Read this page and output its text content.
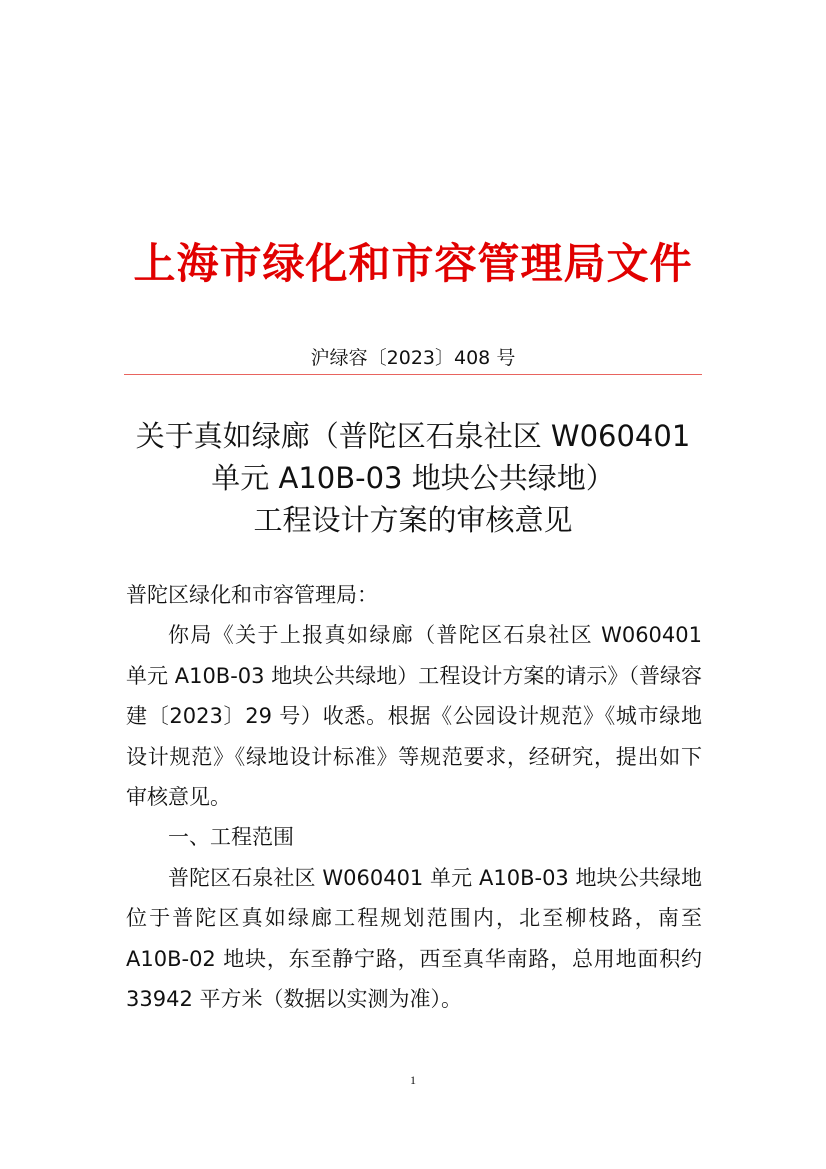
上海市绿化和市容管理局文件
沪绿容〔2023〕408 号
关于真如绿廊（普陀区石泉社区 W060401
单元 A10B-03 地块公共绿地）
工程设计方案的审核意见

普陀区绿化和市容管理局：

你局《关于上报真如绿廊（普陀区石泉社区 W060401 单元 A10B-03 地块公共绿地）工程设计方案的请示》（普绿容建〔2023〕29 号）收悉。根据《公园设计规范》《城市绿地设计规范》《绿地设计标准》等规范要求，经研究，提出如下审核意见。

一、工程范围

普陀区石泉社区 W060401 单元 A10B-03 地块公共绿地位于普陀区真如绿廊工程规划范围内，北至柳枝路，南至 A10B-02 地块，东至静宁路，西至真华南路，总用地面积约 33942 平方米（数据以实测为准）。

1
